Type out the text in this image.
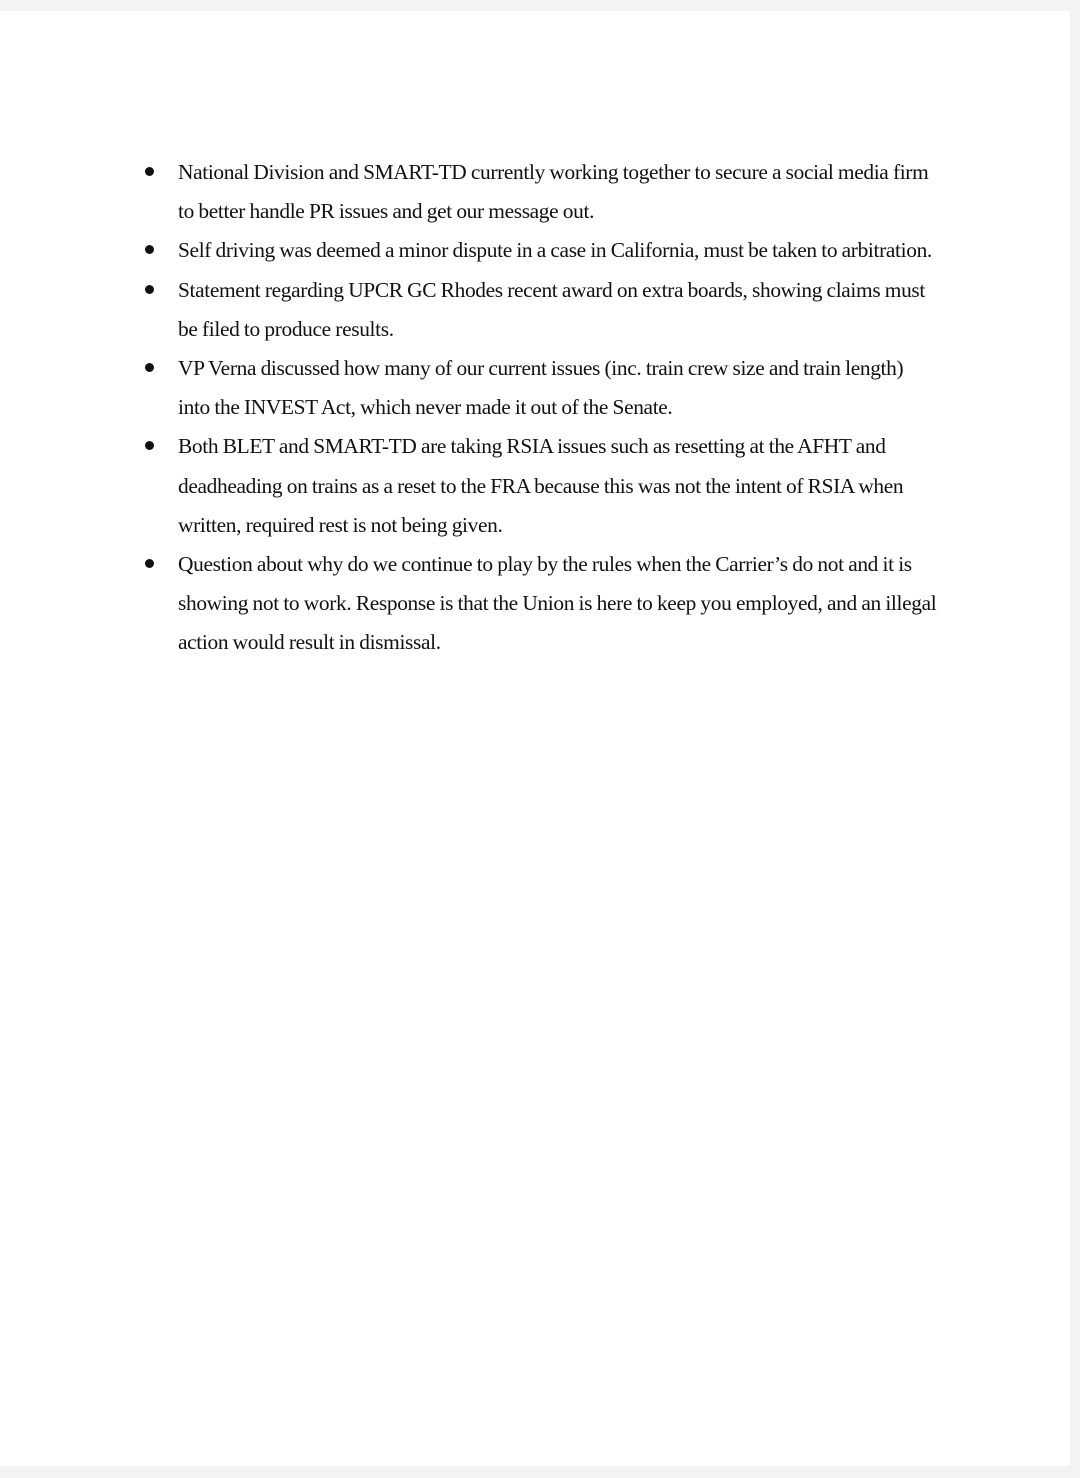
National Division and SMART-TD currently working together to secure a social media firm to better handle PR issues and get our message out.
Self driving was deemed a minor dispute in a case in California, must be taken to arbitration.
Statement regarding UPCR GC Rhodes recent award on extra boards, showing claims must be filed to produce results.
VP Verna discussed how many of our current issues (inc. train crew size and train length) into the INVEST Act, which never made it out of the Senate.
Both BLET and SMART-TD are taking RSIA issues such as resetting at the AFHT and deadheading on trains as a reset to the FRA because this was not the intent of RSIA when written, required rest is not being given.
Question about why do we continue to play by the rules when the Carrier’s do not and it is showing not to work. Response is that the Union is here to keep you employed, and an illegal action would result in dismissal.
